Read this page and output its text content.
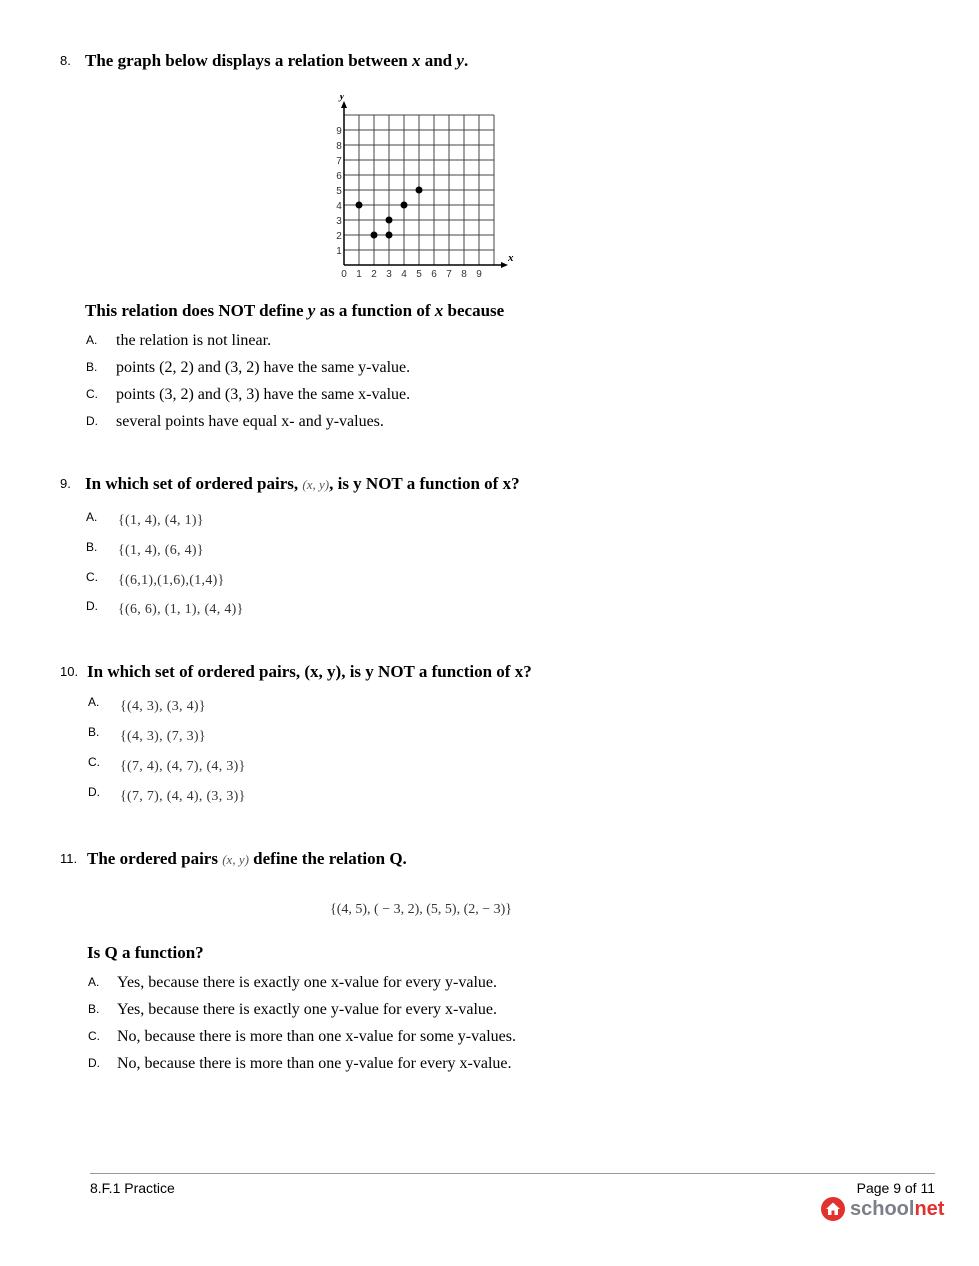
8. The graph below displays a relation between x and y.
x
y
9
8
7
6
5
4
3
2
1
0 1 2 3 4 5 6 7 8 9
This relation does NOT define y as a function of x because
A. the relation is not linear.
B. points (2, 2) and (3, 2) have the same y-value.
C. points (3, 2) and (3, 3) have the same x-value.
D. several points have equal x- and y-values.
9. In which set of ordered pairs, (x, y), is y NOT a function of x?
A. {(1, 4), (4, 1)}
B. {(1, 4), (6, 4)}
C. {(6,1),(1,6),(1,4)}
D. {(6, 6), (1, 1), (4, 4)}
10. In which set of ordered pairs, (x, y), is y NOT a function of x?
A. {(4, 3), (3, 4)}
B. {(4, 3), (7, 3)}
C. {(7, 4), (4, 7), (4, 3)}
D. {(7, 7), (4, 4), (3, 3)}
11. The ordered pairs (x, y) define the relation Q.
{(4, 5), ( − 3, 2), (5, 5), (2, − 3)}
Is Q a function?
A. Yes, because there is exactly one x-value for every y-value.
B. Yes, because there is exactly one y-value for every x-value.
C. No, because there is more than one x-value for some y-values.
D. No, because there is more than one y-value for every x-value.
8.F.1 Practice	Page 9 of 11
schoolnet
